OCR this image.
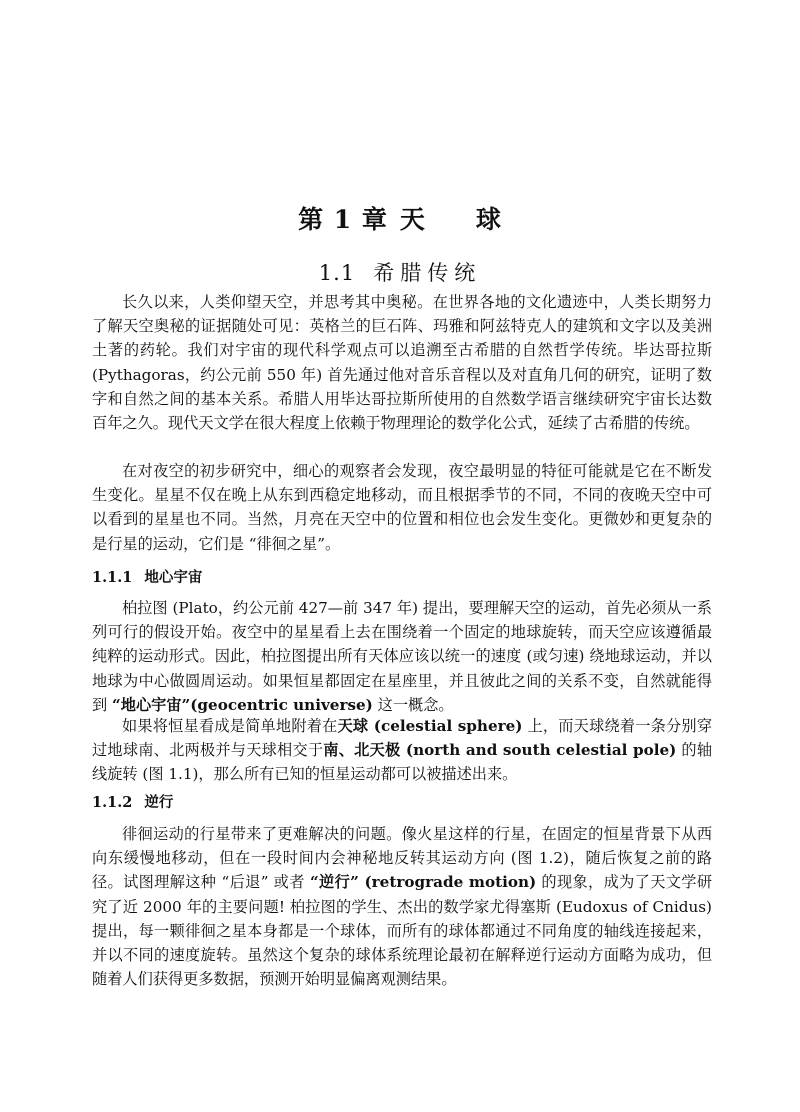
第 1 章 天 球
1.1 希腊传统

长久以来，人类仰望天空，并思考其中奥秘。在世界各地的文化遗迹中，人类长期努力了解天空奥秘的证据随处可见：英格兰的巨石阵、玛雅和阿兹特克人的建筑和文字以及美洲土著的药轮。我们对宇宙的现代科学观点可以追溯至古希腊的自然哲学传统。毕达哥拉斯 (Pythagoras，约公元前 550 年) 首先通过他对音乐音程以及对直角几何的研究，证明了数字和自然之间的基本关系。希腊人用毕达哥拉斯所使用的自然数学语言继续研究宇宙长达数百年之久。现代天文学在很大程度上依赖于物理理论的数学化公式，延续了古希腊的传统。

在对夜空的初步研究中，细心的观察者会发现，夜空最明显的特征可能就是它在不断发生变化。星星不仅在晚上从东到西稳定地移动，而且根据季节的不同，不同的夜晚天空中可以看到的星星也不同。当然，月亮在天空中的位置和相位也会发生变化。更微妙和更复杂的是行星的运动，它们是 “徘徊之星”。

1.1.1 地心宇宙

柏拉图 (Plato，约公元前 427—前 347 年) 提出，要理解天空的运动，首先必须从一系列可行的假设开始。夜空中的星星看上去在围绕着一个固定的地球旋转，而天空应该遵循最纯粹的运动形式。因此，柏拉图提出所有天体应该以统一的速度 (或匀速) 绕地球运动，并以地球为中心做圆周运动。如果恒星都固定在星座里，并且彼此之间的关系不变，自然就能得到 “地心宇宙”(geocentric universe) 这一概念。

如果将恒星看成是简单地附着在天球 (celestial sphere) 上，而天球绕着一条分别穿过地球南、北两极并与天球相交于南、北天极 (north and south celestial pole) 的轴线旋转 (图 1.1)，那么所有已知的恒星运动都可以被描述出来。

1.1.2 逆行

徘徊运动的行星带来了更难解决的问题。像火星这样的行星，在固定的恒星背景下从西向东缓慢地移动，但在一段时间内会神秘地反转其运动方向 (图 1.2)，随后恢复之前的路径。试图理解这种 “后退” 或者 “逆行” (retrograde motion) 的现象，成为了天文学研究了近 2000 年的主要问题! 柏拉图的学生、杰出的数学家尤得塞斯 (Eudoxus of Cnidus) 提出，每一颗徘徊之星本身都是一个球体，而所有的球体都通过不同角度的轴线连接起来，并以不同的速度旋转。虽然这个复杂的球体系统理论最初在解释逆行运动方面略为成功，但随着人们获得更多数据，预测开始明显偏离观测结果。
